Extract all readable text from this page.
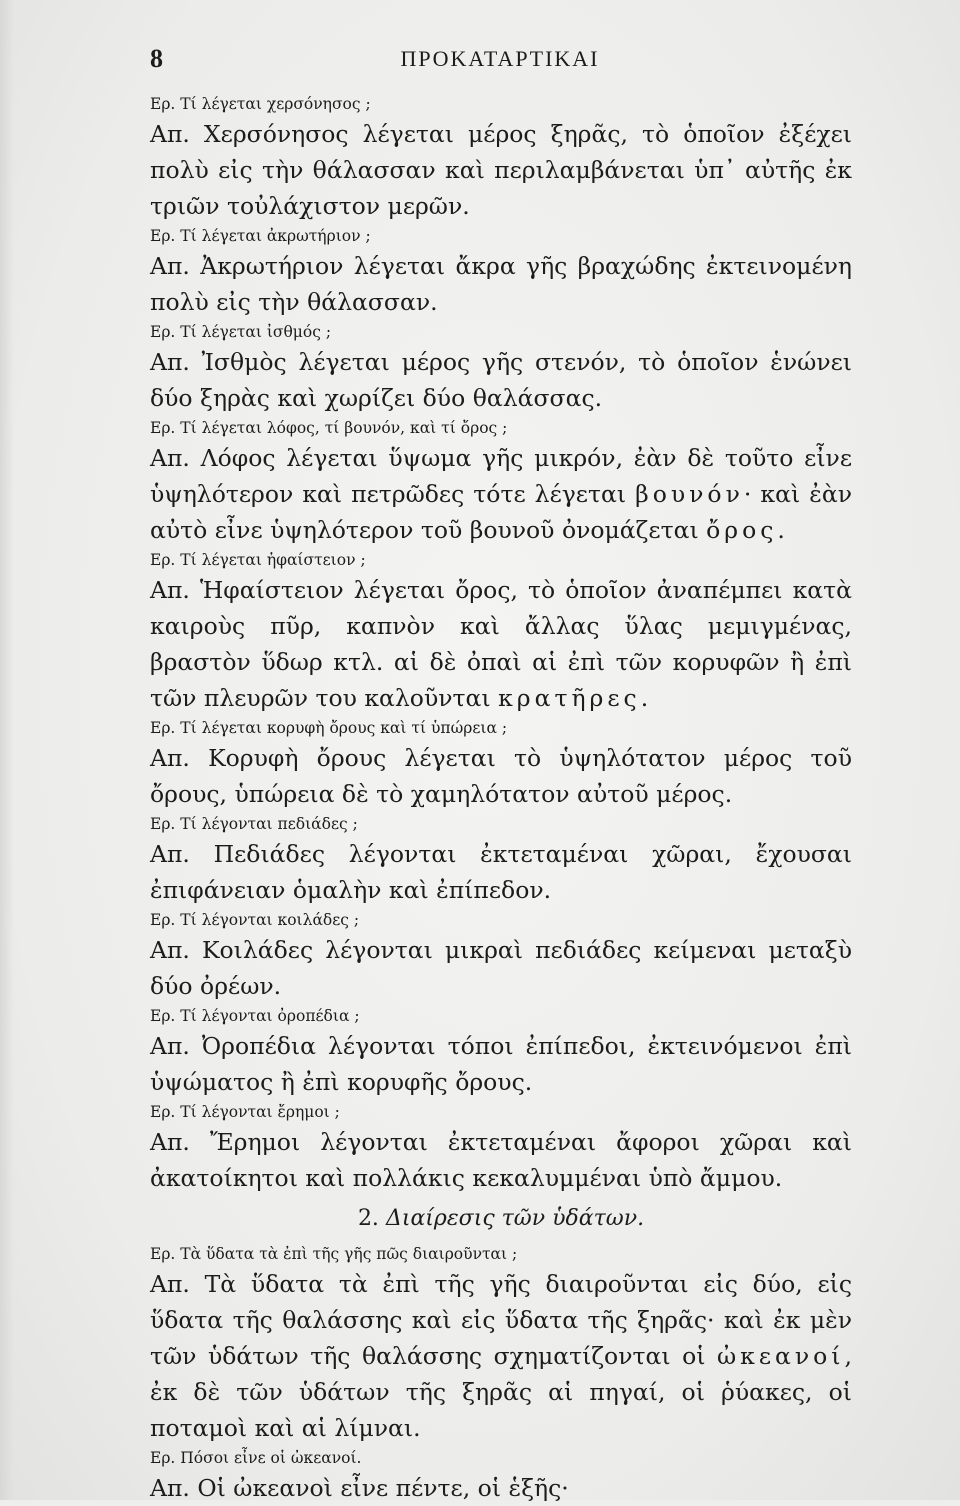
8	ΠΡΟΚΑΤΑΡΤΙΚΑΙ

Ερ. Τί λέγεται χερσόνησος ;

Απ. Χερσόνησος λέγεται μέρος ξηρᾶς, τὸ ὁποῖον ἐξέχει πολὺ εἰς τὴν θάλασσαν καὶ περιλαμβάνεται ὑπ᾽ αὐτῆς ἐκ τριῶν τοὐλάχιστον μερῶν.

Ερ. Τί λέγεται ἀκρωτήριον ;

Απ. Ἀκρωτήριον λέγεται ἄκρα γῆς βραχώδης ἐκτεινομένη πολὺ εἰς τὴν θάλασσαν.

Ερ. Τί λέγεται ἰσθμός ;

Απ. Ἰσθμὸς λέγεται μέρος γῆς στενόν, τὸ ὁποῖον ἑνώνει δύο ξηρὰς καὶ χωρίζει δύο θαλάσσας.

Ερ. Τί λέγεται λόφος, τί βουνόν, καὶ τί ὄρος ;

Απ. Λόφος λέγεται ὕψωμα γῆς μικρόν, ἐὰν δὲ τοῦτο εἶνε ὑψηλότερον καὶ πετρῶδες τότε λέγεται βουνόν· καὶ ἐὰν αὐτὸ εἶνε ὑψηλότερον τοῦ βουνοῦ ὀνομάζεται ὄρος.

Ερ. Τί λέγεται ἡφαίστειον ;

Απ. Ἡφαίστειον λέγεται ὄρος, τὸ ὁποῖον ἀναπέμπει κατὰ καιροὺς πῦρ, καπνὸν καὶ ἄλλας ὕλας μεμιγμένας, βραστὸν ὕδωρ κτλ. αἱ δὲ ὀπαὶ αἱ ἐπὶ τῶν κορυφῶν ἢ ἐπὶ τῶν πλευρῶν του καλοῦνται κρατῆρες.

Ερ. Τί λέγεται κορυφὴ ὄρους καὶ τί ὑπώρεια ;

Απ. Κορυφὴ ὄρους λέγεται τὸ ὑψηλότατον μέρος τοῦ ὄρους, ὑπώρεια δὲ τὸ χαμηλότατον αὐτοῦ μέρος.

Ερ. Τί λέγονται πεδιάδες ;

Απ. Πεδιάδες λέγονται ἐκτεταμέναι χῶραι, ἔχουσαι ἐπιφάνειαν ὁμαλὴν καὶ ἐπίπεδον.

Ερ. Τί λέγονται κοιλάδες ;

Απ. Κοιλάδες λέγονται μικραὶ πεδιάδες κείμεναι μεταξὺ δύο ὀρέων.

Ερ. Τί λέγονται ὀροπέδια ;

Απ. Ὀροπέδια λέγονται τόποι ἐπίπεδοι, ἐκτεινόμενοι ἐπὶ ὑψώματος ἢ ἐπὶ κορυφῆς ὄρους.

Ερ. Τί λέγονται ἔρημοι ;

Απ. Ἔρημοι λέγονται ἐκτεταμέναι ἄφοροι χῶραι καὶ ἀκατοίκητοι καὶ πολλάκις κεκαλυμμέναι ὑπὸ ἄμμου.

2. Διαίρεσις τῶν ὑδάτων.

Ερ. Τὰ ὕδατα τὰ ἐπὶ τῆς γῆς πῶς διαιροῦνται ;

Απ. Τὰ ὕδατα τὰ ἐπὶ τῆς γῆς διαιροῦνται εἰς δύο, εἰς ὕδατα τῆς θαλάσσης καὶ εἰς ὕδατα τῆς ξηρᾶς· καὶ ἐκ μὲν τῶν ὑδάτων τῆς θαλάσσης σχηματίζονται οἱ ὠκεανοί, ἐκ δὲ τῶν ὑδάτων τῆς ξηρᾶς αἱ πηγαί, οἱ ῥύακες, οἱ ποταμοὶ καὶ αἱ λίμναι.

Ερ. Πόσοι εἶνε οἱ ὠκεανοί.

Απ. Οἱ ὠκεανοὶ εἶνε πέντε, οἱ ἑξῆς·
